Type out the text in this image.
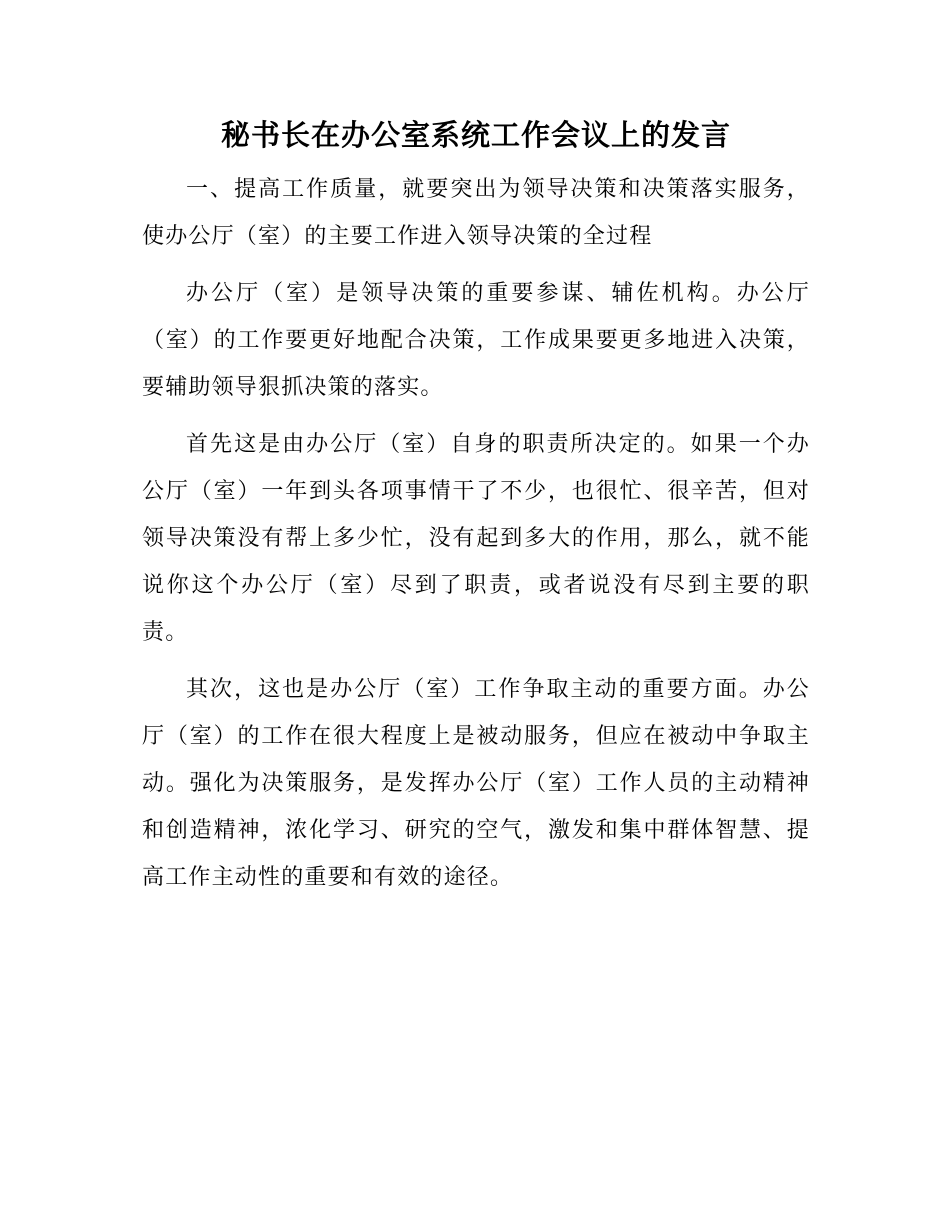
秘书长在办公室系统工作会议上的发言

一、提高工作质量，就要突出为领导决策和决策落实服务，使办公厅（室）的主要工作进入领导决策的全过程

办公厅（室）是领导决策的重要参谋、辅佐机构。办公厅（室）的工作要更好地配合决策，工作成果要更多地进入决策，要辅助领导狠抓决策的落实。

首先这是由办公厅（室）自身的职责所决定的。如果一个办公厅（室）一年到头各项事情干了不少，也很忙、很辛苦，但对领导决策没有帮上多少忙，没有起到多大的作用，那么，就不能说你这个办公厅（室）尽到了职责，或者说没有尽到主要的职责。

其次，这也是办公厅（室）工作争取主动的重要方面。办公厅（室）的工作在很大程度上是被动服务，但应在被动中争取主动。强化为决策服务，是发挥办公厅（室）工作人员的主动精神和创造精神，浓化学习、研究的空气，激发和集中群体智慧、提高工作主动性的重要和有效的途径。
